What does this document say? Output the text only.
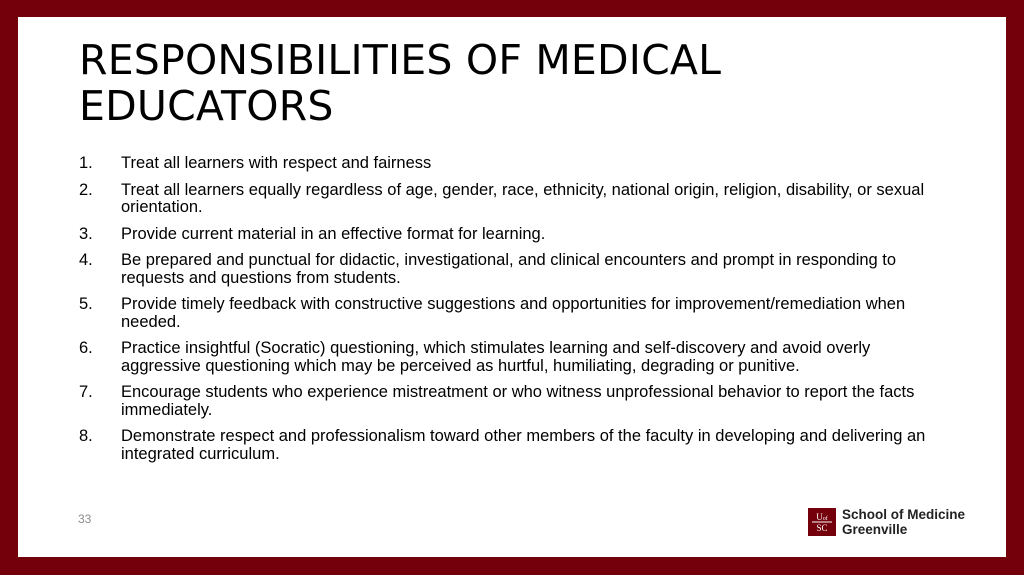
RESPONSIBILITIES OF MEDICAL EDUCATORS
1. Treat all learners with respect and fairness
2. Treat all learners equally regardless of age, gender, race, ethnicity, national origin, religion, disability, or sexual orientation.
3. Provide current material in an effective format for learning.
4. Be prepared and punctual for didactic, investigational, and clinical encounters and prompt in responding to requests and questions from students.
5. Provide timely feedback with constructive suggestions and opportunities for improvement/remediation when needed.
6. Practice insightful (Socratic) questioning, which stimulates learning and self-discovery and avoid overly aggressive questioning which may be perceived as hurtful, humiliating, degrading or punitive.
7. Encourage students who experience mistreatment or who witness unprofessional behavior to report the facts immediately.
8. Demonstrate respect and professionalism toward other members of the faculty in developing and delivering an integrated curriculum.
33	Uof
SC
School of Medicine
Greenville
